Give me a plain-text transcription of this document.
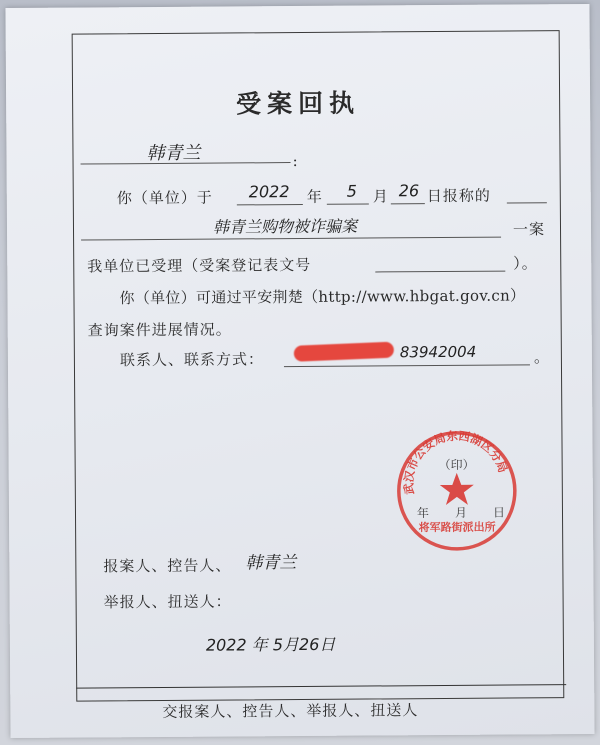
受案回执
韩青兰	:
你（单位）于 2022 年 5 月 26 日报称的
韩青兰购物被诈骗案	一案
我单位已受理（受案登记表文号	）。
你（单位）可通过平安荆楚（http://www.hbgat.gov.cn）
查询案件进展情况。
联系人、联系方式：	83942004	。
武汉市公安局东西湖区分局
（印）
年 月 日
将军路街派出所
报案人、控告人、 韩青兰
举报人、扭送人：
2022 年 5月26日
交报案人、控告人、举报人、扭送人
